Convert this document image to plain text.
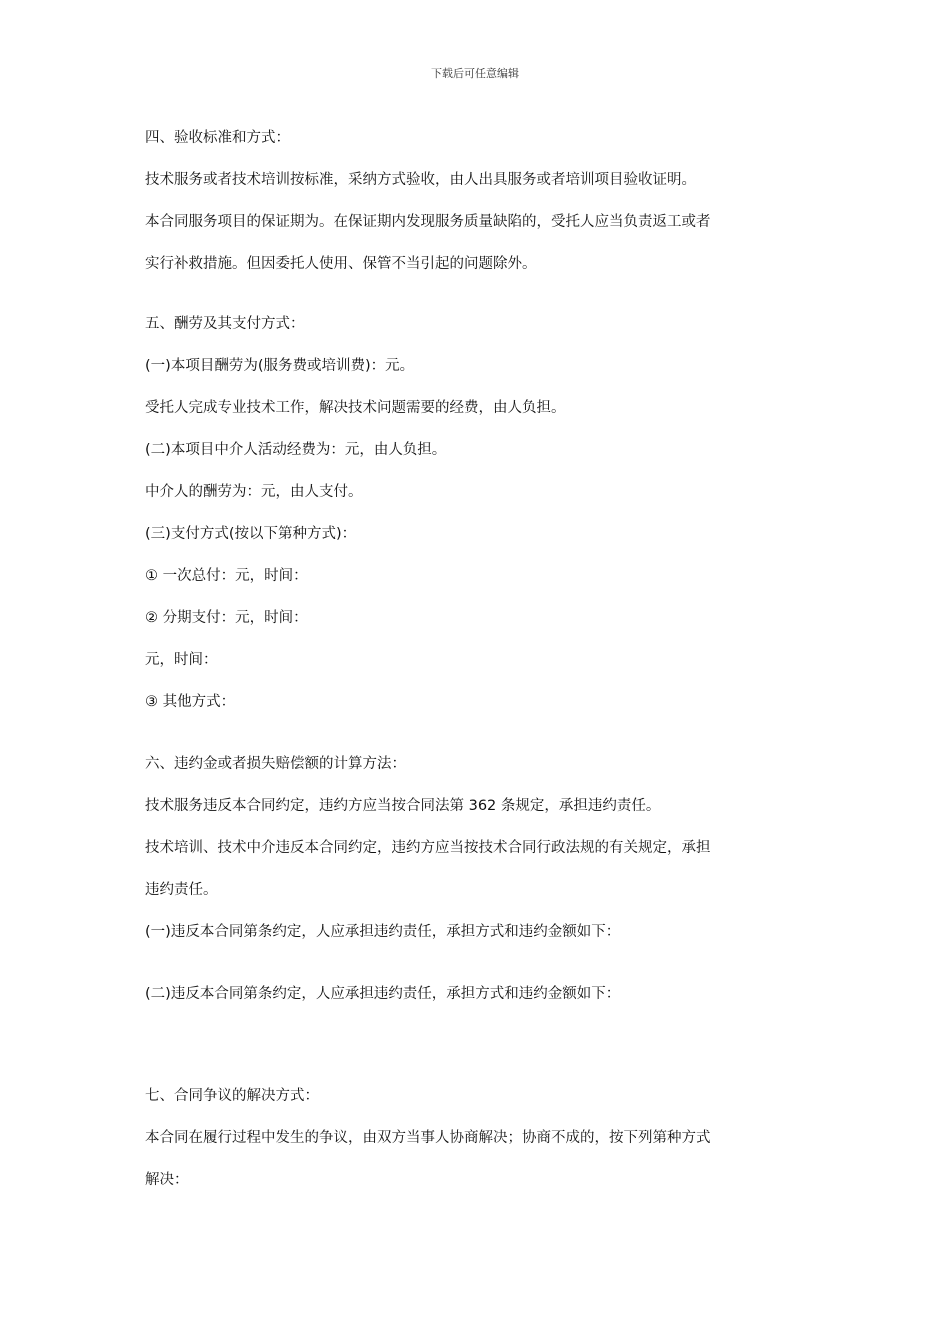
下载后可任意编辑
四、验收标准和方式：
技术服务或者技术培训按标准，采纳方式验收，由人出具服务或者培训项目验收证明。
本合同服务项目的保证期为。在保证期内发现服务质量缺陷的，受托人应当负责返工或者
实行补救措施。但因委托人使用、保管不当引起的问题除外。
五、酬劳及其支付方式：
(一)本项目酬劳为(服务费或培训费)：元。
受托人完成专业技术工作，解决技术问题需要的经费，由人负担。
(二)本项目中介人活动经费为：元，由人负担。
中介人的酬劳为：元，由人支付。
(三)支付方式(按以下第种方式)：
① 一次总付：元，时间：
② 分期支付：元，时间：
元，时间：
③ 其他方式：
六、违约金或者损失赔偿额的计算方法：
技术服务违反本合同约定，违约方应当按合同法第 362 条规定，承担违约责任。
技术培训、技术中介违反本合同约定，违约方应当按技术合同行政法规的有关规定，承担
违约责任。
(一)违反本合同第条约定，人应承担违约责任，承担方式和违约金额如下：
(二)违反本合同第条约定，人应承担违约责任，承担方式和违约金额如下：
七、合同争议的解决方式：
本合同在履行过程中发生的争议，由双方当事人协商解决；协商不成的，按下列第种方式
解决：
